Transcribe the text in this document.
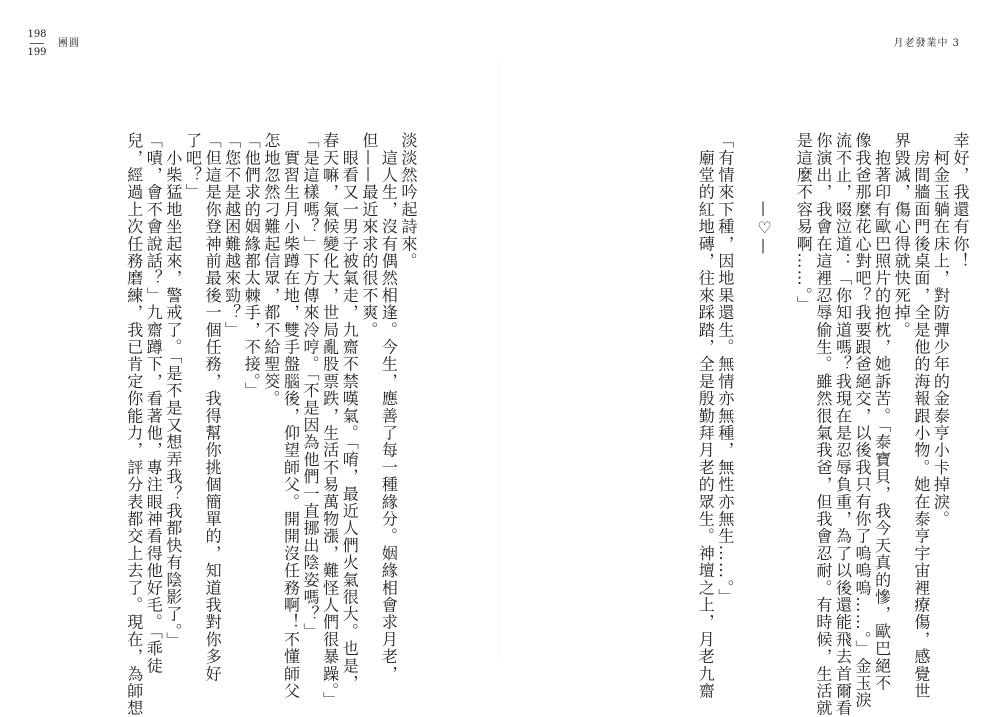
198
199
團圓	月老發業中 3
幸好，我還有你！
　柯金玉躺在床上，對防彈少年的金泰亨小卡掉淚。
　房間牆面門後桌面，全是他的海報跟小物。她在泰亨宇宙裡療傷，感覺世
界毀滅，傷心得就快死掉。
　抱著印有歐巴照片的抱枕，她訴苦。「泰寶貝，我今天真的慘，歐巴絕不
像我爸那麼花心對吧？我要跟爸絕交，以後我只有你了嗚嗚嗚……。」金玉淚
流不止，啜泣道：「你知道嗎？我現在是忍辱負重，為了以後還能飛去首爾看
你演出，我會在這裡忍辱偷生。雖然很氣我爸，但我會忍耐。有時候，生活就
是這麼不容易啊……。」

　　　　—♡—

「有情來下種，因地果還生。無情亦無種，無性亦無生……。」
　廟堂的紅地磚，往來踩踏，全是殷勤拜月老的眾生。神壇之上，月老九齋
淡淡然吟起詩來。
　這人生，沒有偶然相逢。今生，應善了每一種緣分。姻緣相會求月老，
但——最近來求的很不爽。
　眼看又一男子被氣走，九齋不禁嘆氣。「唷，最近人們火氣很大。也是，
春天嘛，氣候變化大，世局亂股票跌，生活不易萬物漲，難怪人們很暴躁。」
「是這樣嗎？」下方傳來冷哼。「不是因為他們一直挪出陰姿嗎？」
　實習生月小柴蹲在地，雙手盤腦後，仰望師父。開開沒任務啊！不懂師父
怎地忽然刁難起信眾，都不給聖筊。
「他們求的姻緣都太棘手，不接。」
「您不是越困難越來勁？」
「但這是你登神前最後一個任務，我得幫你挑個簡單的，知道我對你多好
了吧？」
　小柴猛地坐起來，警戒了。「是不是又想弄我？我都快有陰影了。」
「嘖，會不會說話？」九齋蹲下，看著他，專注眼神看得他好毛。「乖徒
兒，經過上次任務磨練，我已肯定你能力，評分表都交上去了。現在，為師想
